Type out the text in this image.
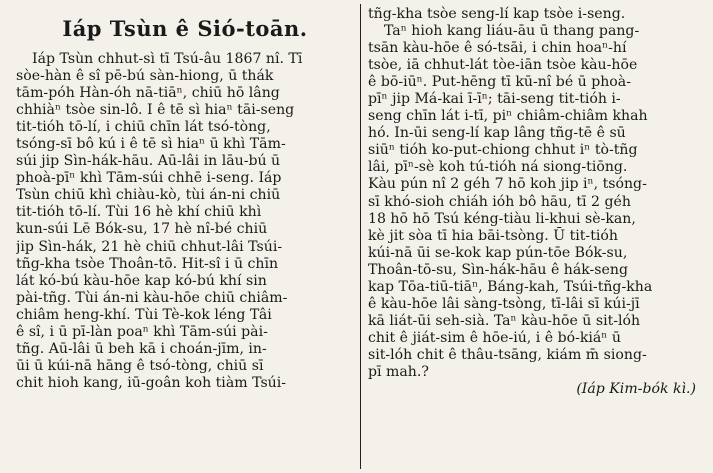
Iáp Tsùn ê Sió-toān.
Iáp Tsùn chhut-sì tī Tsú-âu 1867 nî. Tī
sòe-hàn ê sî pē-bú sàn-hiong, ū thák
tām-póh Hàn-óh nā-tiāⁿ, chiū hō lâng
chhiàⁿ tsòe sin-lô. I ê tē sì hiaⁿ tāi-seng
tit-tióh tō-lí, i chiū chīn lát tsó-tòng,
tsóng-sī bô kú i ê tē sì hiaⁿ ū khì Tām-
súi jip Sìn-hák-hāu. Aū-lâi in lāu-bú ū
phoà-pīⁿ khì Tām-súi chhē i-seng. Iáp
Tsùn chiū khì chiàu-kò, tùi án-ni chiū
tit-tióh tō-lí. Tùi 16 hè khí chiū khì
kun-súi Lē Bók-su, 17 hè nî-bé chiū
jip Sìn-hák, 21 hè chiū chhut-lâi Tsúi-
tñg-kha tsòe Thoân-tō. Hit-sî i ū chīn
lát kó-bú kàu-hōe kap kó-bú khí sin
pài-tñg. Tùi án-ni kàu-hōe chiū chiâm-
chiâm heng-khí. Tùi Tè-kok léng Tâi
ê sî, i ū pī-làn poaⁿ khì Tām-súi pài-
tñg. Aū-lâi ū beh kā i choán-jīm, in-
ūi ū kúi-nā hāng ê tsó-tòng, chiū sī
chit hioh kang, iū-goân koh tiàm Tsúi-
tñg-kha tsòe seng-lí kap tsòe i-seng.
Taⁿ hioh kang liáu-āu ū thang pang-
tsān kàu-hōe ê só-tsāi, i chin hoaⁿ-hí
tsòe, iā chhut-lát tòe-iān tsòe kàu-hōe
ê bō-iūⁿ. Put-hēng tī kū-nî bé ū phoà-
pīⁿ jip Má-kai ī-īⁿ; tāi-seng tit-tióh i-
seng chīn lát i-tī, piⁿ chiâm-chiâm khah
hó. In-ūi seng-lí kap lâng tñg-tē ê sū
siūⁿ tióh ko-put-chiong chhut iⁿ tò-tñg
lâi, pīⁿ-sè koh tú-tióh ná siong-tiōng.
Kàu pún nî 2 géh 7 hō koh jip iⁿ, tsóng-
sī khó-sioh chiáh ióh bô hāu, tī 2 géh
18 hō hō Tsú kéng-tiàu li-khui sè-kan,
kè jit sòa tī hia bāi-tsòng. Ū tit-tióh
kúi-nā ūi se-kok kap pún-tōe Bók-su,
Thoân-tō-su, Sìn-hák-hāu ê hák-seng
kap Tōa-tiū-tiāⁿ, Báng-kah, Tsúi-tñg-kha
ê kàu-hōe lâi sàng-tsòng, tī-lâi sī kúi-jī
kā liát-ūi seh-sià. Taⁿ kàu-hōe ū sit-lóh
chit ê jiát-sim ê hōe-iú, i ê bó-kiáⁿ ū
sit-lóh chit ê thâu-tsāng, kiám m̄ siong-
pī mah.?
(Iáp Kim-bók kì.)
